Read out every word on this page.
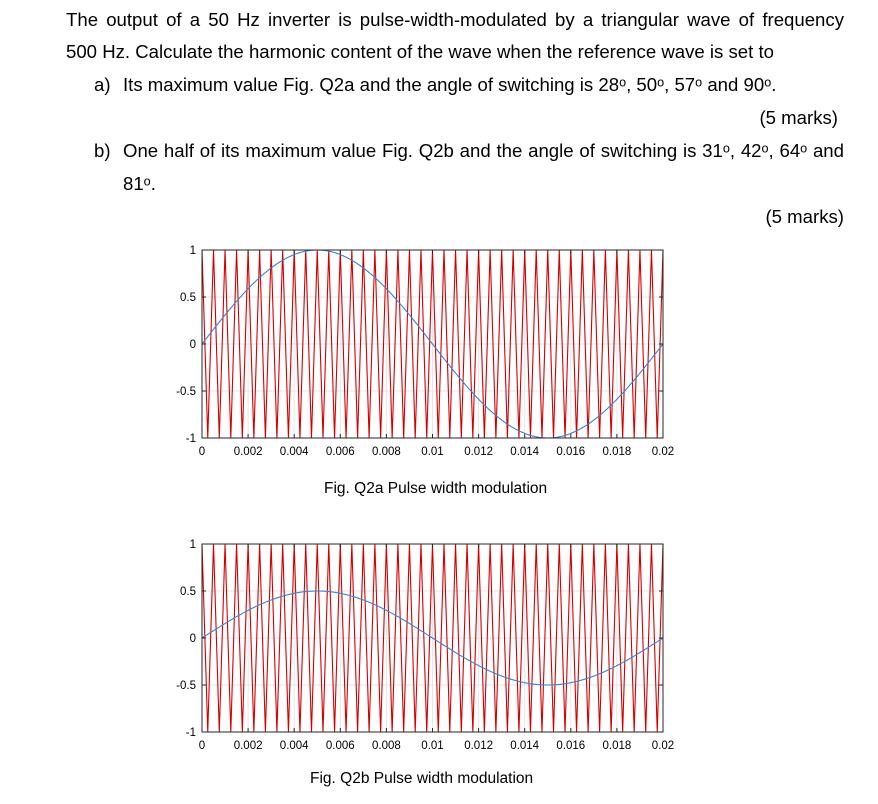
The output of a 50 Hz inverter is pulse-width-modulated by a triangular wave of frequency
500 Hz. Calculate the harmonic content of the wave when the reference wave is set to
a) Its maximum value Fig. Q2a and the angle of switching is 28ᵒ, 50ᵒ, 57ᵒ and 90ᵒ.
(5 marks)
b) One half of its maximum value Fig. Q2b and the angle of switching is 31ᵒ, 42ᵒ, 64ᵒ and
81ᵒ.
(5 marks)
0 0.002 0.004 0.006 0.008 0.01 0.012 0.014 0.016 0.018 0.02
1
0.5
0
-0.5
-1
Fig. Q2a Pulse width modulation
0 0.002 0.004 0.006 0.008 0.01 0.012 0.014 0.016 0.018 0.02
1
0.5
0
-0.5
-1
Fig. Q2b Pulse width modulation
